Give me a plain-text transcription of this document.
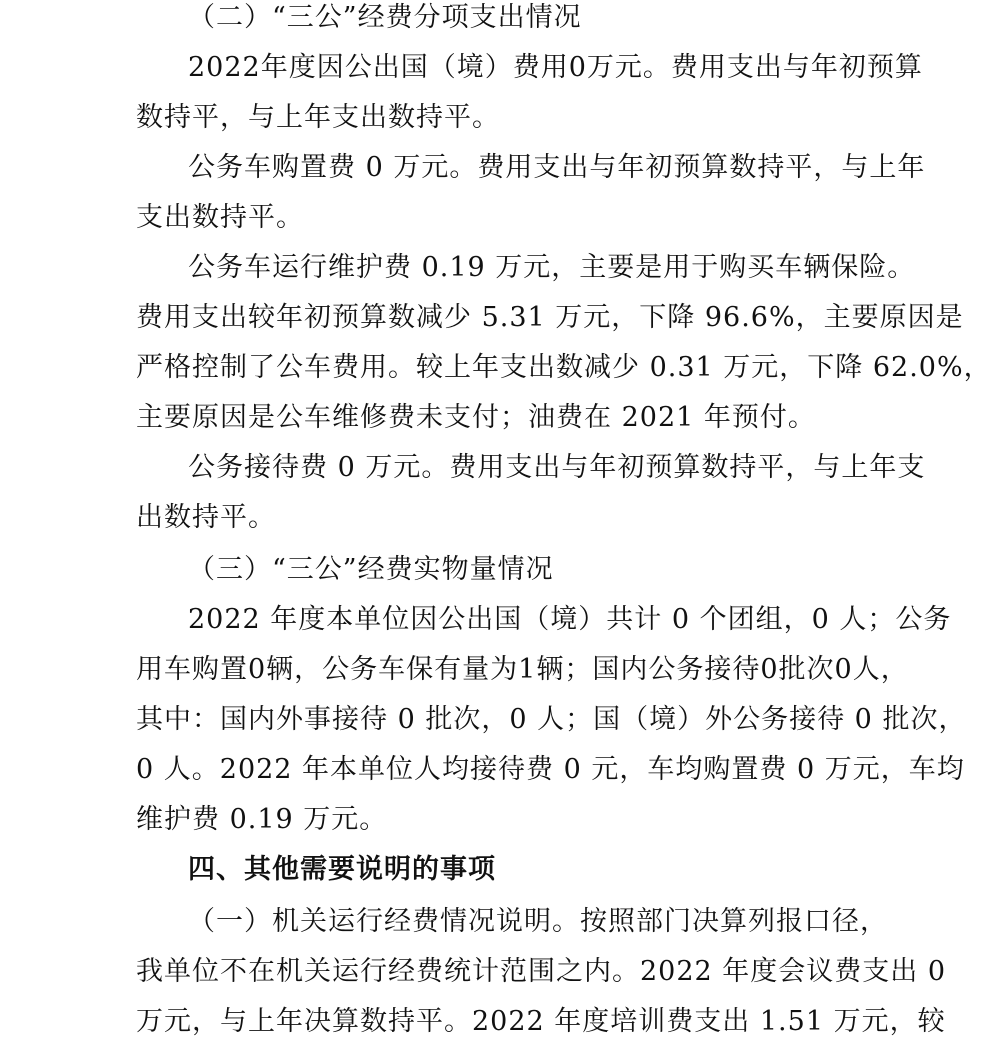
（二）“三公”经费分项支出情况
2022年度因公出国（境）费用0万元。费用支出与年初预算
数持平，与上年支出数持平。
公务车购置费 0 万元。费用支出与年初预算数持平，与上年
支出数持平。
公务车运行维护费 0.19 万元，主要是用于购买车辆保险。
费用支出较年初预算数减少 5.31 万元，下降 96.6%，主要原因是
严格控制了公车费用。较上年支出数减少 0.31 万元，下降 62.0%，
主要原因是公车维修费未支付；油费在 2021 年预付。
公务接待费 0 万元。费用支出与年初预算数持平，与上年支
出数持平。
（三）“三公”经费实物量情况
2022 年度本单位因公出国（境）共计 0 个团组，0 人；公务
用车购置0辆，公务车保有量为1辆；国内公务接待0批次0人，
其中：国内外事接待 0 批次，0 人；国（境）外公务接待 0 批次，
0 人。2022 年本单位人均接待费 0 元，车均购置费 0 万元，车均
维护费 0.19 万元。
四、其他需要说明的事项
（一）机关运行经费情况说明。按照部门决算列报口径，
我单位不在机关运行经费统计范围之内。2022 年度会议费支出 0
万元，与上年决算数持平。2022 年度培训费支出 1.51 万元，较
